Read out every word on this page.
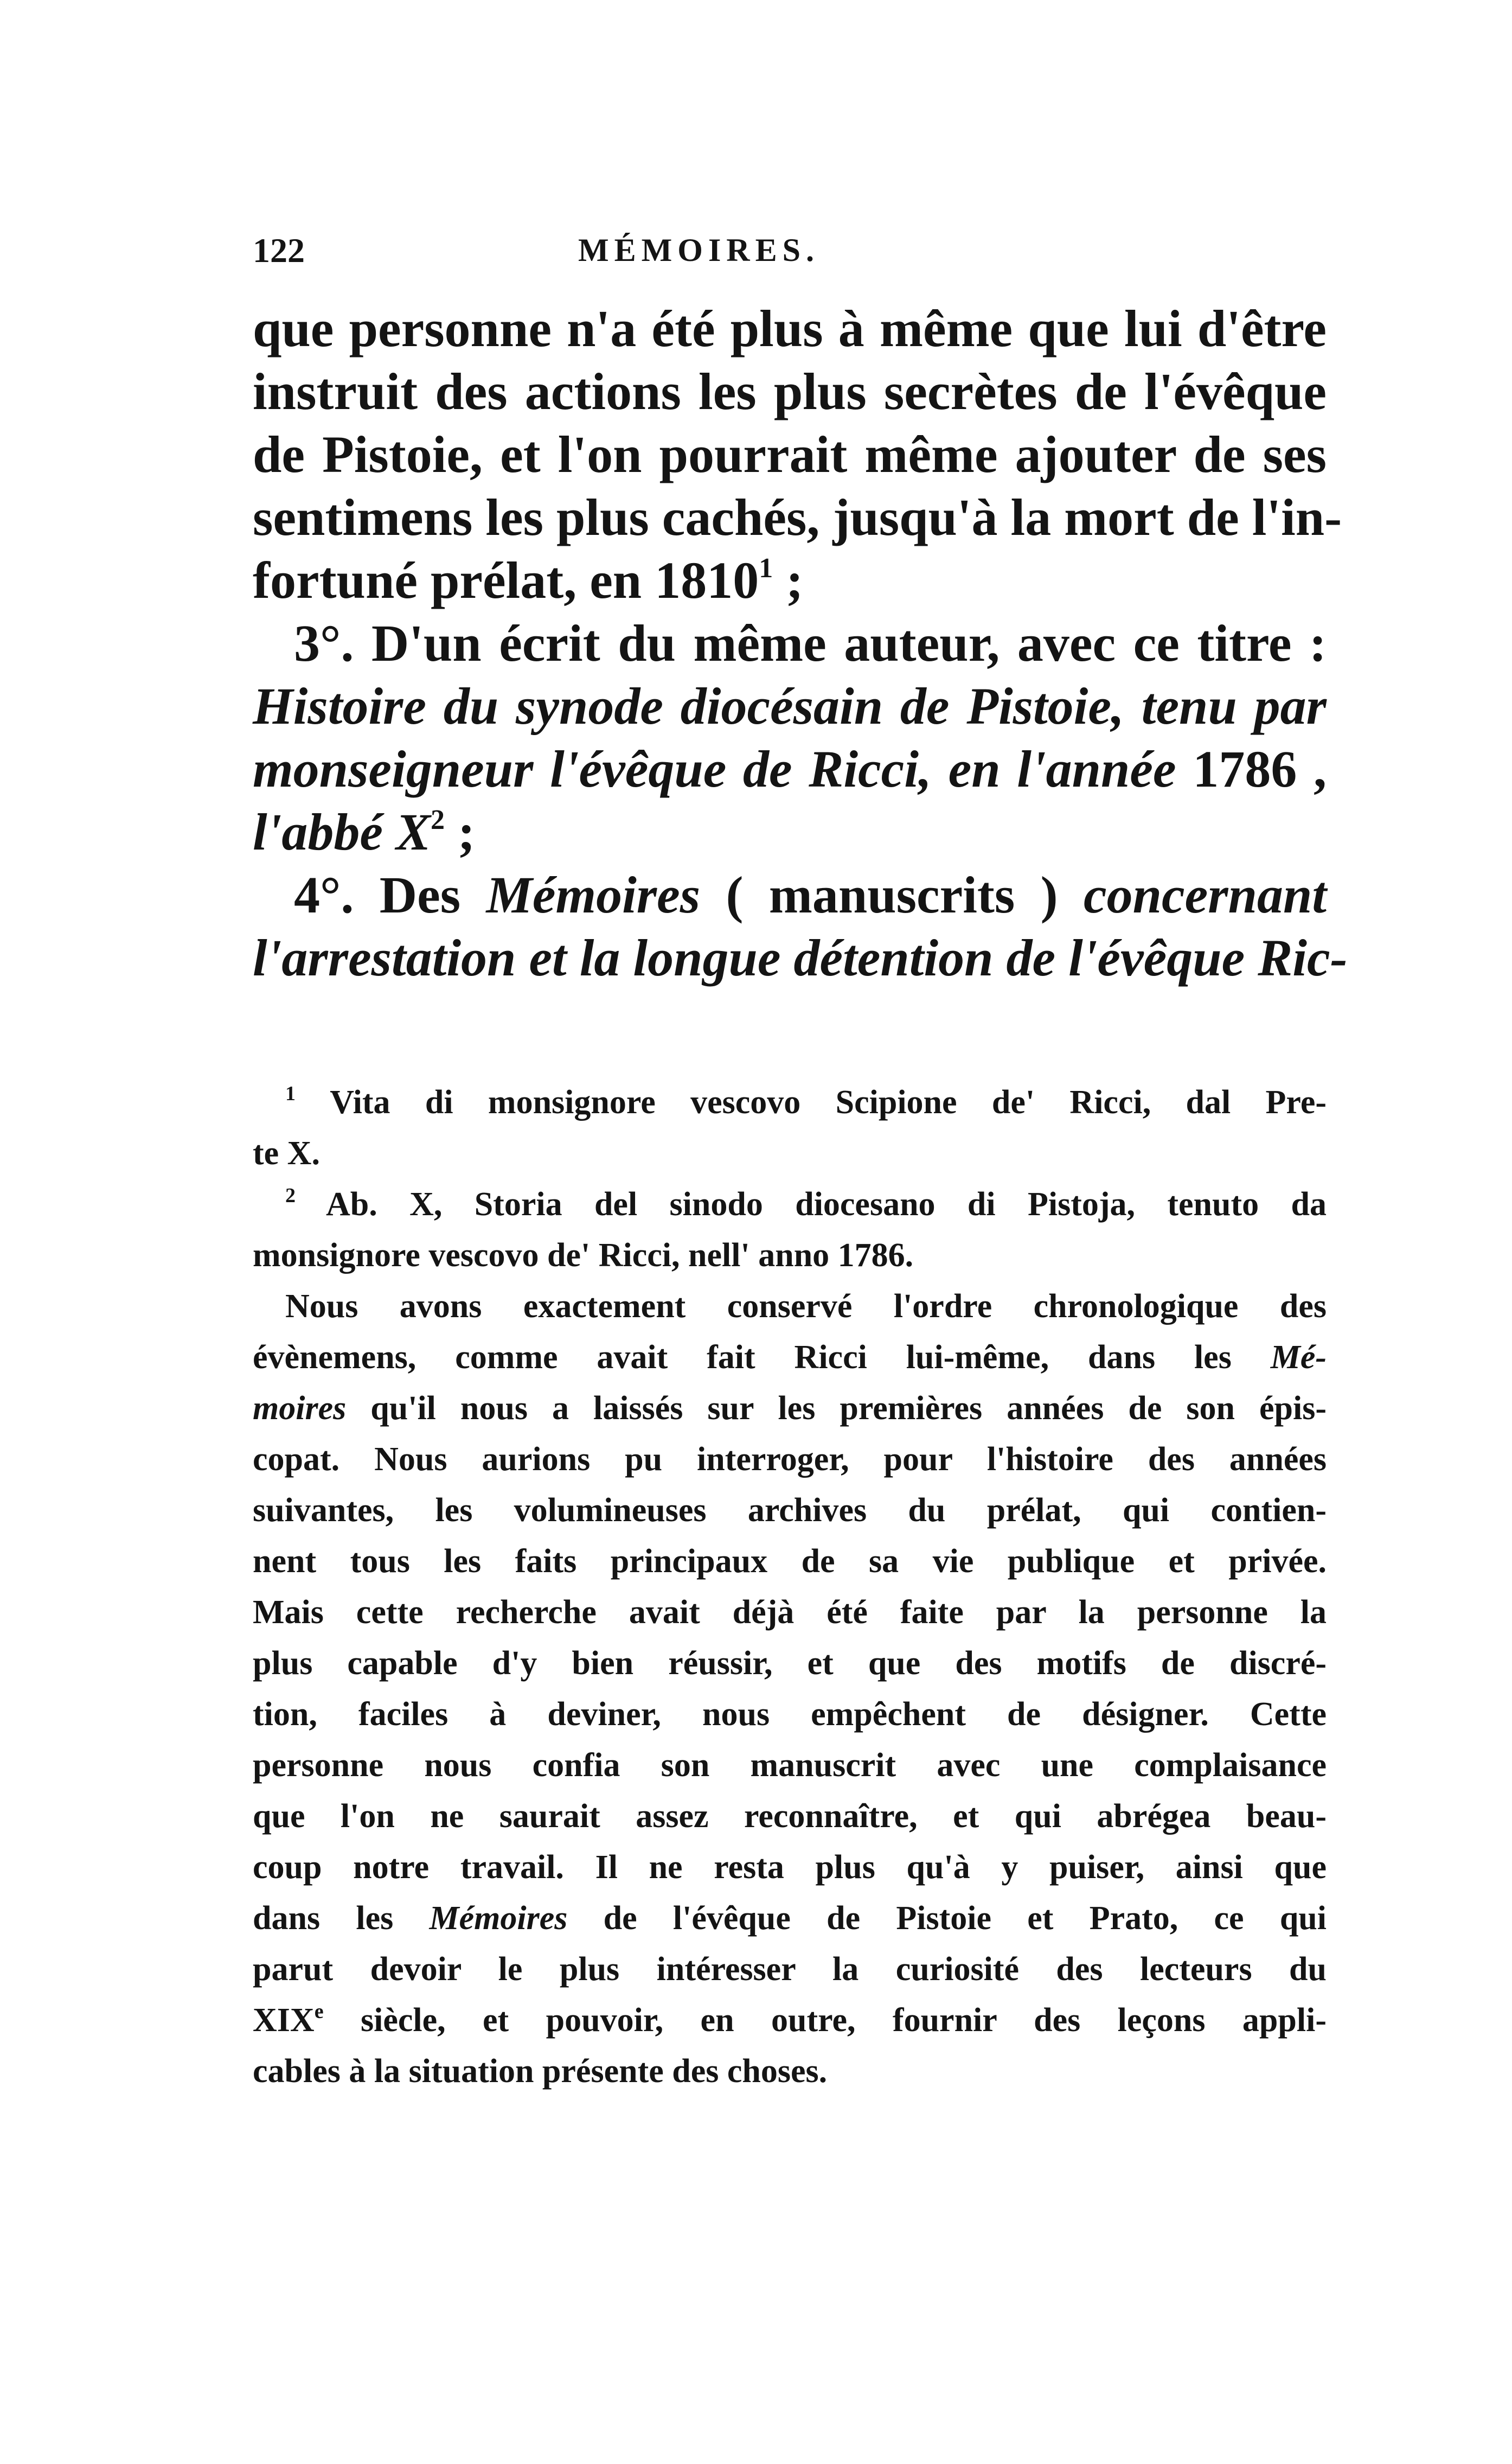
122	MÉMOIRES.
que personne n'a été plus à même que lui d'être
instruit des actions les plus secrètes de l'évêque
de Pistoie, et l'on pourrait même ajouter de ses
sentimens les plus cachés, jusqu'à la mort de l'in-
fortuné prélat, en 1810$^1$ ;
3°. D'un écrit du même auteur, avec ce titre :
Histoire du synode diocésain de Pistoie, tenu par
monseigneur l'évêque de Ricci, en l'année 1786 ,
l'abbé $X^2$ ;
4°. Des Mémoires ( manuscrits ) concernant
l'arrestation et la longue détention de l'évêque Ric-
$^1$ Vita di monsignore vescovo Scipione de' Ricci, dal Pre-
te X.
$^2$ Ab. X, Storia del sinodo diocesano di Pistoja, tenuto da
monsignore vescovo de' Ricci, nell' anno 1786.
Nous avons exactement conservé l'ordre chronologique des
évènemens, comme avait fait Ricci lui-même, dans les Mé-
moires qu'il nous a laissés sur les premières années de son épis-
copat. Nous aurions pu interroger, pour l'histoire des années
suivantes, les volumineuses archives du prélat, qui contien-
nent tous les faits principaux de sa vie publique et privée.
Mais cette recherche avait déjà été faite par la personne la
plus capable d'y bien réussir, et que des motifs de discré-
tion, faciles à deviner, nous empêchent de désigner. Cette
personne nous confia son manuscrit avec une complaisance
que l'on ne saurait assez reconnaître, et qui abrégea beau-
coup notre travail. Il ne resta plus qu'à y puiser, ainsi que
dans les Mémoires de l'évêque de Pistoie et Prato, ce qui
parut devoir le plus intéresser la curiosité des lecteurs du
XIXe siècle, et pouvoir, en outre, fournir des leçons appli-
cables à la situation présente des choses.
